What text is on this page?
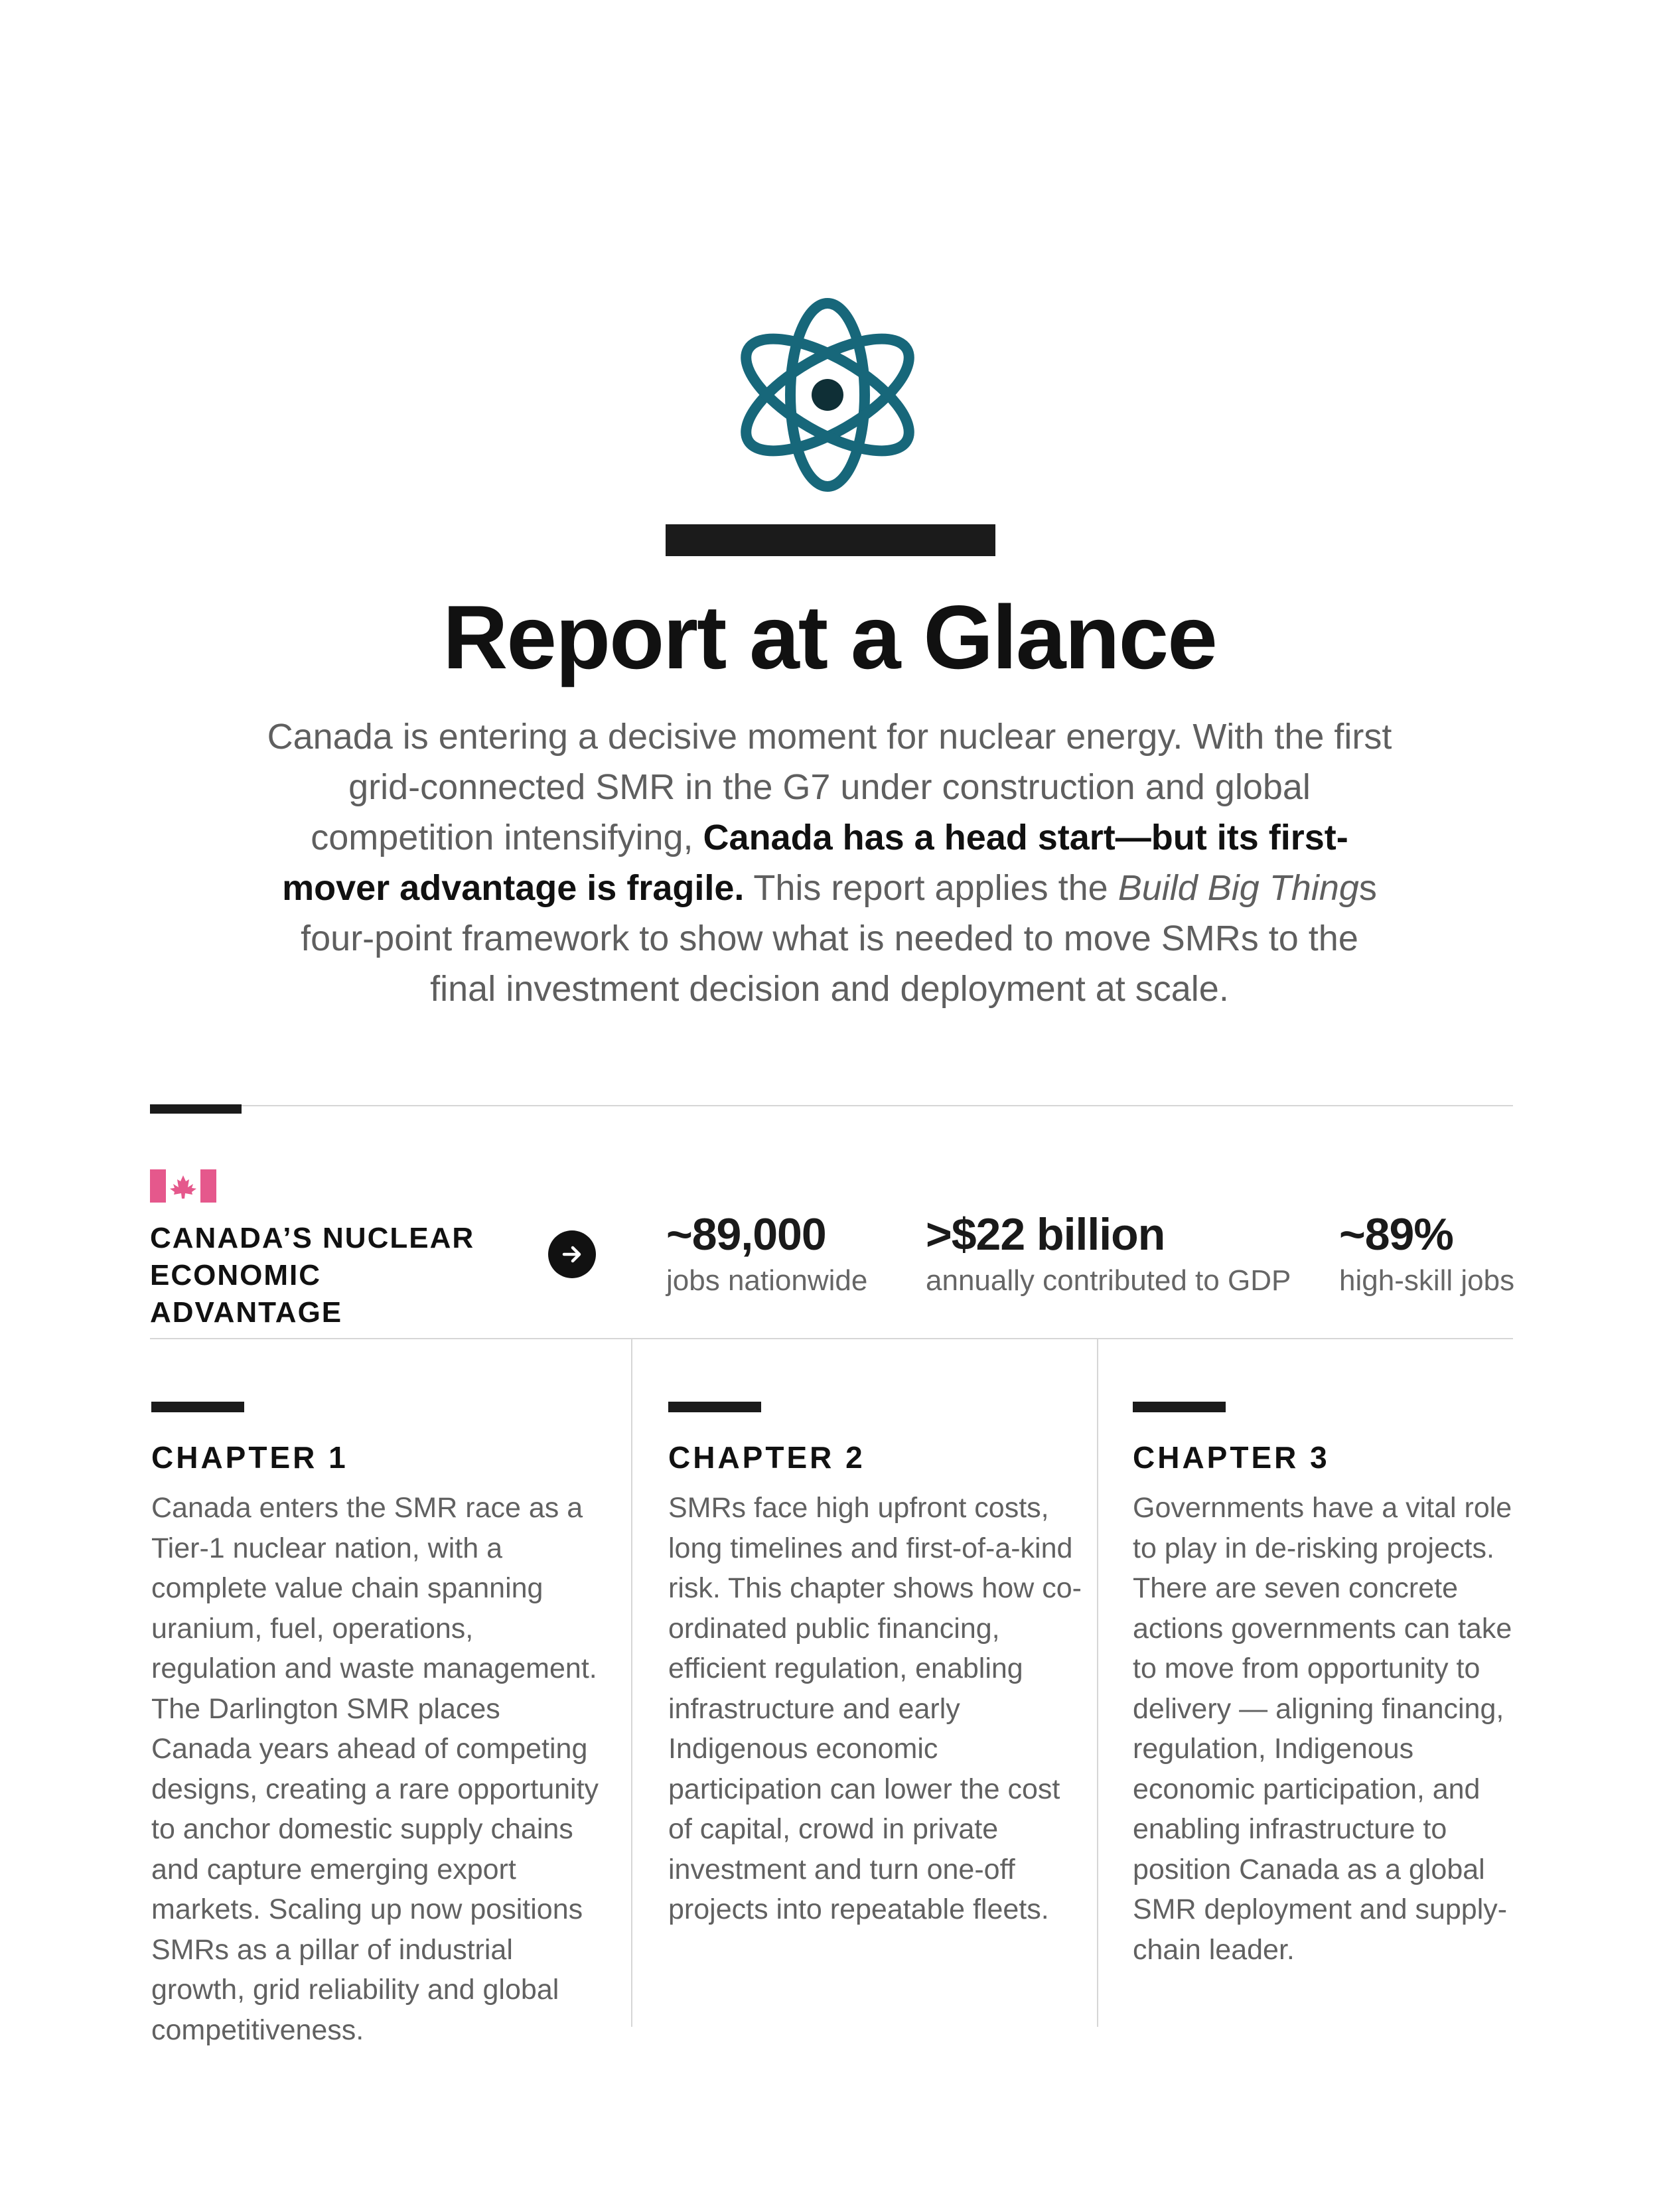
Report at a Glance

Canada is entering a decisive moment for nuclear energy. With the first grid-connected SMR in the G7 under construction and global competition intensifying, Canada has a head start—but its first-mover advantage is fragile. This report applies the Build Big Things four-point framework to show what is needed to move SMRs to the final investment decision and deployment at scale.

CANADA’S NUCLEAR
ECONOMIC ADVANTAGE
~89,000
jobs nationwide
>$22 billion
annually contributed to GDP
~89%
high-skill jobs
CHAPTER 1

Canada enters the SMR race as a Tier-1 nuclear nation, with a complete value chain spanning uranium, fuel, operations, regulation and waste management. The Darlington SMR places Canada years ahead of competing designs, creating a rare opportunity to anchor domestic supply chains and capture emerging export markets. Scaling up now positions SMRs as a pillar of industrial growth, grid reliability and global competitiveness.

CHAPTER 2

SMRs face high upfront costs, long timelines and first-of-a-kind risk. This chapter shows how co-ordinated public financing, efficient regulation, enabling infrastructure and early Indigenous economic participation can lower the cost of capital, crowd in private investment and turn one-off projects into repeatable fleets.

CHAPTER 3

Governments have a vital role to play in de-risking projects. There are seven concrete actions governments can take to move from opportunity to delivery — aligning financing, regulation, Indigenous economic participation, and enabling infrastructure to position Canada as a global SMR deployment and supply-chain leader.
